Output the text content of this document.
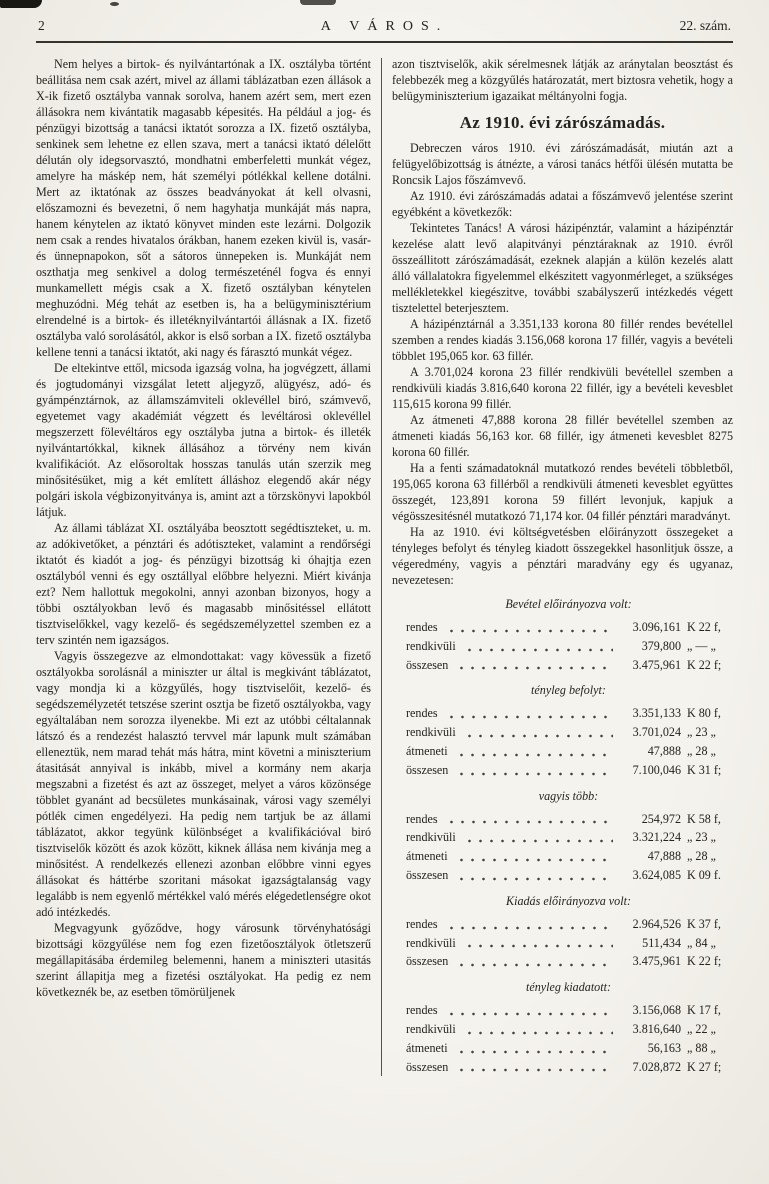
2	A VÁROS.	22. szám.

Nem helyes a birtok- és nyilvántartónak a IX. osztályba történt beállitása nem csak azért, mivel az állami táblázatban ezen állások a X-ik fizető osztályba vannak sorolva, hanem azért sem, mert ezen állásokra nem kivántatik magasabb képesités. Ha például a jog- és pénzügyi bizottság a tanácsi iktatót sorozza a IX. fizető osztályba, senkinek sem lehetne ez ellen szava, mert a tanácsi iktató délelőtt délután oly idegsorvasztó, mondhatni emberfeletti munkát végez, amelyre ha máskép nem, hát személyi pótlékkal kellene dotálni. Mert az iktatónak az összes beadványokat át kell olvasni, előszamozni és bevezetni, ő nem hagyhatja munkáját más napra, hanem kénytelen az iktató könyvet minden este lezárni. Dolgozik nem csak a rendes hivatalos órákban, hanem ezeken kivül is, vasár- és ünnepnapokon, sőt a sátoros ünnepeken is. Munkáját nem oszthatja meg senkivel a dolog természeténél fogva és ennyi munkamellett mégis csak a X. fizető osztályban kénytelen meghuzódni. Még tehát az esetben is, ha a belügyminisztérium elrendelné is a birtok- és illetéknyilvántartói állásnak a IX. fizető osztályba való sorolásától, akkor is első sorban a IX. fizető osztályba kellene tenni a tanácsi iktatót, aki nagy és fárasztó munkát végez.

De eltekintve ettől, micsoda igazság volna, ha jogvégzett, állami és jogtudományi vizsgálat letett aljegyző, alügyész, adó- és gyámpénztárnok, az államszámviteli oklevéllel biró, számvevő, egyetemet vagy akadémiát végzett és levéltárosi oklevéllel megszerzett fölevéltáros egy osztályba jutna a birtok- és illeték nyilvántartókkal, kiknek állásához a törvény nem kiván kvalifikációt. Az elősoroltak hosszas tanulás után szerzik meg minősitésüket, mig a két említett álláshoz elegendő akár négy polgári iskola végbizonyitványa is, amint azt a törzskönyvi lapokból látjuk.

Az állami táblázat XI. osztályába beosztott segédtiszteket, u. m. az adókivetőket, a pénztári és adótiszteket, valamint a rendőrségi iktatót és kiadót a jog- és pénzügyi bizottság ki óhajtja ezen osztályból venni és egy osztállyal előbbre helyezni. Miért kivánja ezt? Nem hallottuk megokolni, annyi azonban bizonyos, hogy a többi osztályokban levő és magasabb minősitéssel ellátott tisztviselőkkel, vagy kezelő- és segédszemélyzettel szemben ez a terv szintén nem igazságos.

Vagyis összegezve az elmondottakat: vagy kövessük a fizető osztályokba sorolásnál a miniszter ur által is megkivánt táblázatot, vagy mondja ki a közgyűlés, hogy tisztviselőit, kezelő- és segédszemélyzetét tetszése szerint osztja be fizető osztályokba, vagy egyáltalában nem sorozza ilyenekbe. Mi ezt az utóbbi céltalannak látszó és a rendezést halasztó tervvel már lapunk mult számában elleneztük, nem marad tehát más hátra, mint követni a miniszterium átasitását annyival is inkább, mivel a kormány nem akarja megszabni a fizetést és azt az összeget, melyet a város közönsége többlet gyanánt ad becsületes munkásainak, városi vagy személyi pótlék cimen engedélyezi. Ha pedig nem tartjuk be az állami táblázatot, akkor tegyünk különbséget a kvalifikációval biró tisztviselők között és azok között, kiknek állása nem kivánja meg a minősitést. A rendelkezés ellenezi azonban előbbre vinni egyes állásokat és háttérbe szoritani másokat igazságtalanság vagy legalább is nem egyenlő mértékkel való mérés elégedetlenségre okot adó intézkedés.

Megvagyunk győződve, hogy városunk törvényhatósági bizottsági közgyűlése nem fog ezen fizetőosztályok ötletszerű megállapitásába érdemileg belemenni, hanem a miniszteri utasitás szerint állapitja meg a fizetési osztályokat. Ha pedig ez nem következnék be, az esetben tömörüljenek

azon tisztviselők, akik sérelmesnek látják az aránytalan beosztást és felebbezék meg a közgyűlés határozatát, mert biztosra vehetik, hogy a belügyminiszterium igazaikat méltányolni fogja.

Az 1910. évi zárószámadás.

Debreczen város 1910. évi zárószámadását, miután azt a felügyelőbizottság is átnézte, a városi tanács hétfői ülésén mutatta be Roncsik Lajos főszámvevő.

Az 1910. évi zárószámadás adatai a főszámvevő jelentése szerint egyébként a következők:

Tekintetes Tanács! A városi házipénztár, valamint a házipénztár kezelése alatt levő alapitványi pénztáraknak az 1910. évről összeállitott zárószámadását, ezeknek alapján a külön kezelés alatt álló vállalatokra figyelemmel elkészitett vagyonmérleget, a szükséges mellékletekkel kiegészitve, további szabályszerű intézkedés végett tisztelettel beterjesztem.

A házipénztárnál a 3.351,133 korona 80 fillér rendes bevétellel szemben a rendes kiadás 3.156,068 korona 17 fillér, vagyis a bevételi többlet 195,065 kor. 63 fillér.

A 3.701,024 korona 23 fillér rendkivüli bevétellel szemben a rendkivüli kiadás 3.816,640 korona 22 fillér, igy a bevételi kevesblet 115,615 korona 99 fillér.

Az átmeneti 47,888 korona 28 fillér bevétellel szemben az átmeneti kiadás 56,163 kor. 68 fillér, igy átmeneti kevesblet 8275 korona 60 fillér.

Ha a fenti számadatoknál mutatkozó rendes bevételi többletből, 195,065 korona 63 fillérből a rendkivüli átmeneti kevesblet együttes összegét, 123,891 korona 59 fillért levonjuk, kapjuk a végösszesitésnél mutatkozó 71,174 kor. 04 fillér pénztári maradványt.

Ha az 1910. évi költségvetésben előirányzott összegeket a tényleges befolyt és tényleg kiadott összegekkel hasonlitjuk össze, a végeredmény, vagyis a pénztári maradvány egy és ugyanaz, nevezetesen:

Bevétel előirányozva volt:
rendes	3.096,161 K 22 f,
rendkivüli	379,800 „ — „
összesen	3.475,961 K 22 f;
tényleg befolyt:
rendes	3.351,133 K 80 f,
rendkivüli	3.701,024 „ 23 „
átmeneti	47,888 „ 28 „
összesen	7.100,046 K 31 f;
vagyis több:
rendes	254,972 K 58 f,
rendkivüli	3.321,224 „ 23 „
átmeneti	47,888 „ 28 „
összesen	3.624,085 K 09 f.
Kiadás előirányozva volt:
rendes	2.964,526 K 37 f,
rendkivüli	511,434 „ 84 „
összesen	3.475,961 K 22 f;
tényleg kiadatott:
rendes	3.156,068 K 17 f,
rendkivüli	3.816,640 „ 22 „
átmeneti	56,163 „ 88 „
összesen	7.028,872 K 27 f;
